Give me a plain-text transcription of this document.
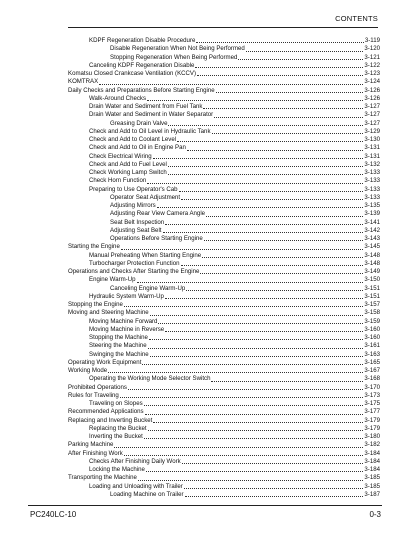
CONTENTS
KDPF Regeneration Disable Procedure	3-119
Disable Regeneration When Not Being Performed	3-120
Stopping Regeneration When Being Performed	3-121
Canceling KDPF Regeneration Disable	3-122
Komatsu Closed Crankcase Ventilation (KCCV)	3-123
KOMTRAX	3-124
Daily Checks and Preparations Before Starting Engine	3-126
Walk-Around Checks	3-126
Drain Water and Sediment from Fuel Tank	3-127
Drain Water and Sediment in Water Separator	3-127
Greasing Drain Valve	3-127
Check and Add to Oil Level in Hydraulic Tank	3-129
Check and Add to Coolant Level	3-130
Check and Add to Oil in Engine Pan	3-131
Check Electrical Wiring	3-131
Check and Add to Fuel Level	3-132
Check Working Lamp Switch	3-133
Check Horn Function	3-133
Preparing to Use Operator's Cab	3-133
Operator Seat Adjustment	3-133
Adjusting Mirrors	3-135
Adjusting Rear View Camera Angle	3-139
Seat Belt Inspection	3-141
Adjusting Seat Belt	3-142
Operations Before Starting Engine	3-143
Starting the Engine	3-145
Manual Preheating When Starting Engine	3-148
Turbocharger Protection Function	3-148
Operations and Checks After Starting the Engine	3-149
Engine Warm-Up	3-150
Canceling Engine Warm-Up	3-151
Hydraulic System Warm-Up	3-151
Stopping the Engine	3-157
Moving and Steering Machine	3-158
Moving Machine Forward	3-159
Moving Machine in Reverse	3-160
Stopping the Machine	3-160
Steering the Machine	3-161
Swinging the Machine	3-163
Operating Work Equipment	3-165
Working Mode	3-167
Operating the Working Mode Selector Switch	3-168
Prohibited Operations	3-170
Rules for Traveling	3-173
Traveling on Slopes	3-175
Recommended Applications	3-177
Replacing and Inverting Bucket	3-179
Replacing the Bucket	3-179
Inverting the Bucket	3-180
Parking Machine	3-182
After Finishing Work	3-184
Checks After Finishing Daily Work	3-184
Locking the Machine	3-184
Transporting the Machine	3-185
Loading and Unloading with Trailer	3-185
Loading Machine on Trailer	3-187
PC240LC-10	0-3
